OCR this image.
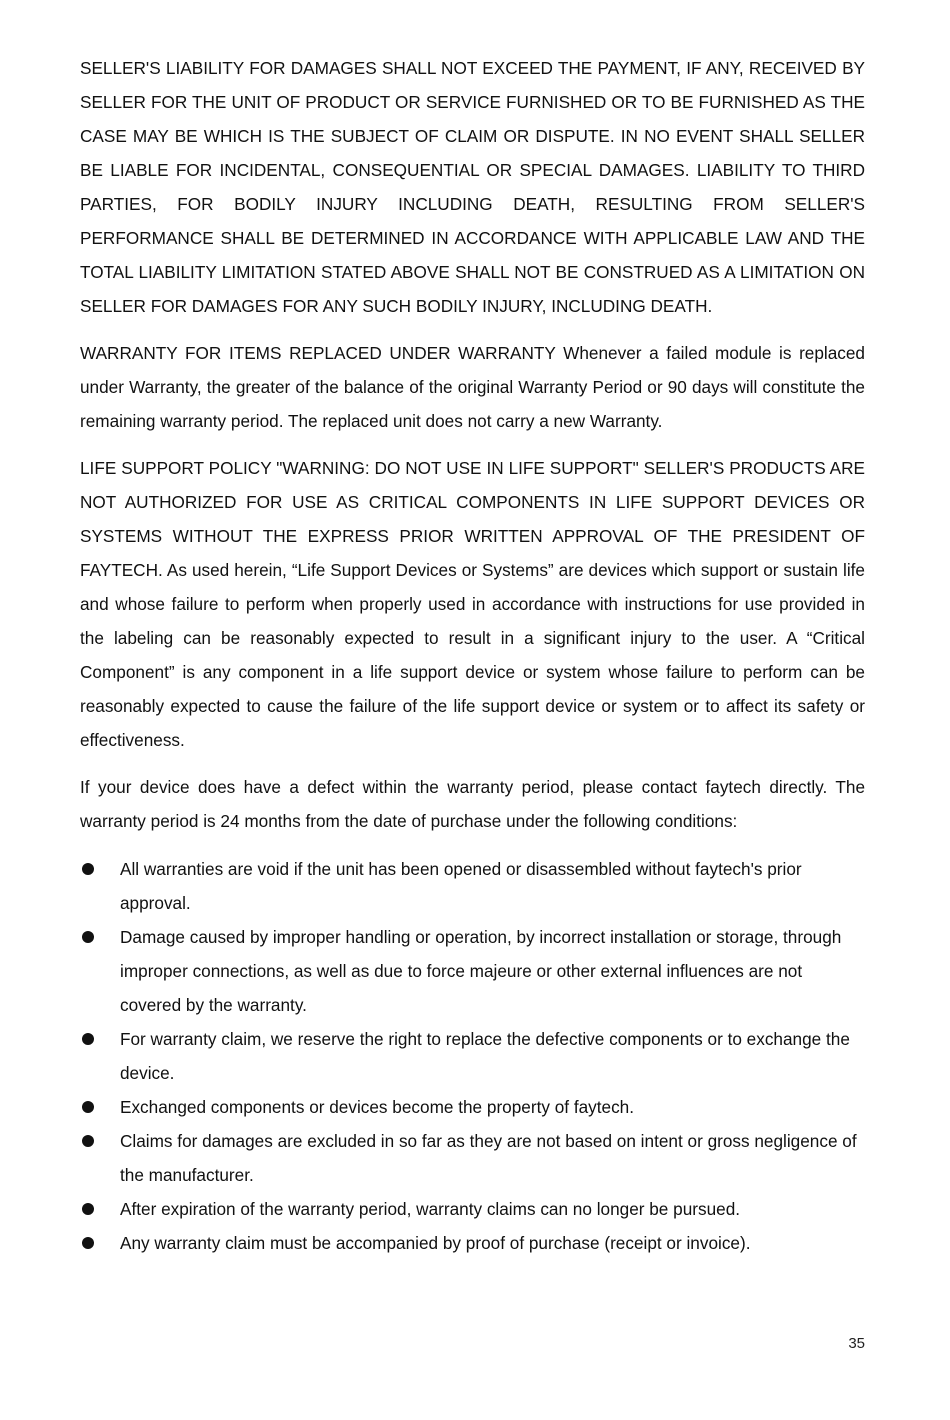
SELLER'S LIABILITY FOR DAMAGES SHALL NOT EXCEED THE PAYMENT, IF ANY, RECEIVED BY SELLER FOR THE UNIT OF PRODUCT OR SERVICE FURNISHED OR TO BE FURNISHED AS THE CASE MAY BE WHICH IS THE SUBJECT OF CLAIM OR DISPUTE. IN NO EVENT SHALL SELLER BE LIABLE FOR INCIDENTAL, CONSEQUENTIAL OR SPECIAL DAMAGES. LIABILITY TO THIRD PARTIES, FOR BODILY INJURY INCLUDING DEATH, RESULTING FROM SELLER'S PERFORMANCE SHALL BE DETERMINED IN ACCORDANCE WITH APPLICABLE LAW AND THE TOTAL LIABILITY LIMITATION STATED ABOVE SHALL NOT BE CONSTRUED AS A LIMITATION ON SELLER FOR DAMAGES FOR ANY SUCH BODILY INJURY, INCLUDING DEATH.

WARRANTY FOR ITEMS REPLACED UNDER WARRANTY Whenever a failed module is replaced under Warranty, the greater of the balance of the original Warranty Period or 90 days will constitute the remaining warranty period. The replaced unit does not carry a new Warranty.

LIFE SUPPORT POLICY "WARNING: DO NOT USE IN LIFE SUPPORT" SELLER'S PRODUCTS ARE NOT AUTHORIZED FOR USE AS CRITICAL COMPONENTS IN LIFE SUPPORT DEVICES OR SYSTEMS WITHOUT THE EXPRESS PRIOR WRITTEN APPROVAL OF THE PRESIDENT OF FAYTECH. As used herein, “Life Support Devices or Systems” are devices which support or sustain life and whose failure to perform when properly used in accordance with instructions for use provided in the labeling can be reasonably expected to result in a significant injury to the user. A “Critical Component” is any component in a life support device or system whose failure to perform can be reasonably expected to cause the failure of the life support device or system or to affect its safety or effectiveness.

If your device does have a defect within the warranty period, please contact faytech directly. The warranty period is 24 months from the date of purchase under the following conditions:

All warranties are void if the unit has been opened or disassembled without faytech's prior approval.
Damage caused by improper handling or operation, by incorrect installation or storage, through improper connections, as well as due to force majeure or other external influences are not covered by the warranty.
For warranty claim, we reserve the right to replace the defective components or to exchange the device.
Exchanged components or devices become the property of faytech.
Claims for damages are excluded in so far as they are not based on intent or gross negligence of the manufacturer.
After expiration of the warranty period, warranty claims can no longer be pursued.
Any warranty claim must be accompanied by proof of purchase (receipt or invoice).
35
